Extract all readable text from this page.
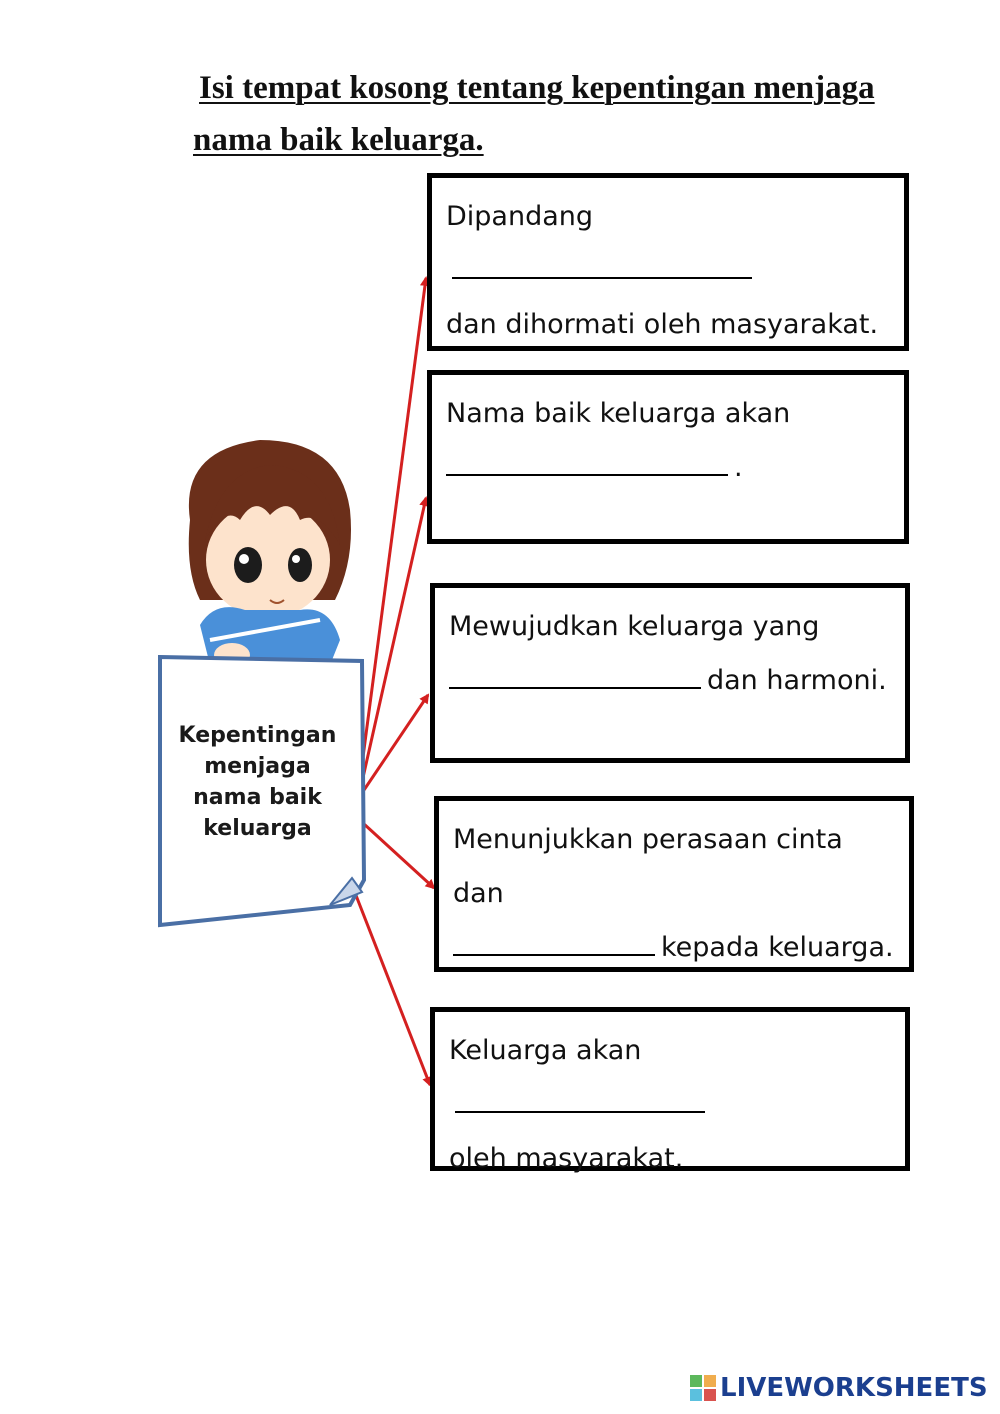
Isi tempat kosong tentang kepentingan menjaga
nama baik keluarga.
Kepentingan menjaga nama baik keluarga
Dipandang
dan dihormati oleh masyarakat.
Nama baik keluarga akan
.
Mewujudkan keluarga yang
dan harmoni.
Menunjukkan perasaan cinta dan
kepada keluarga.
Keluarga akan
oleh masyarakat.
LIVEWORKSHEETS
